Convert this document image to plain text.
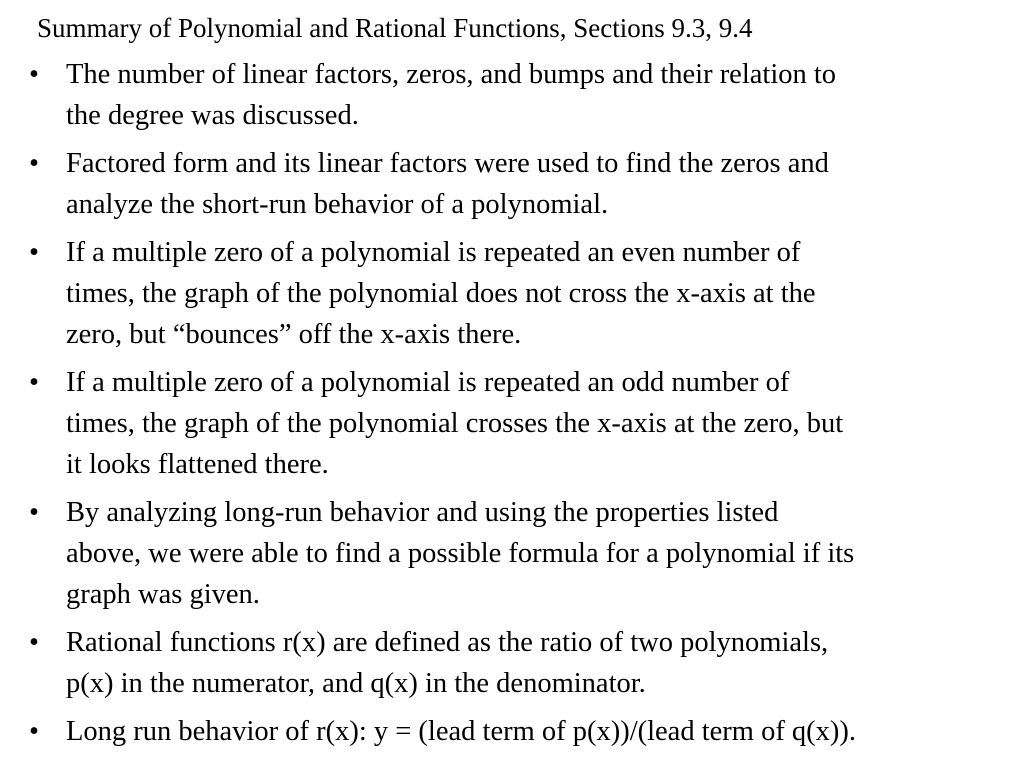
Summary of Polynomial and Rational Functions, Sections 9.3, 9.4
• The number of linear factors, zeros, and bumps and their relation to
the degree was discussed.
• Factored form and its linear factors were used to find the zeros and
analyze the short-run behavior of a polynomial.
• If a multiple zero of a polynomial is repeated an even number of
times, the graph of the polynomial does not cross the x-axis at the
zero, but “bounces” off the x-axis there.
• If a multiple zero of a polynomial is repeated an odd number of
times, the graph of the polynomial crosses the x-axis at the zero, but
it looks flattened there.
• By analyzing long-run behavior and using the properties listed
above, we were able to find a possible formula for a polynomial if its
graph was given.
• Rational functions r(x) are defined as the ratio of two polynomials,
p(x) in the numerator, and q(x) in the denominator.
• Long run behavior of r(x): y = (lead term of p(x))/(lead term of q(x)).
